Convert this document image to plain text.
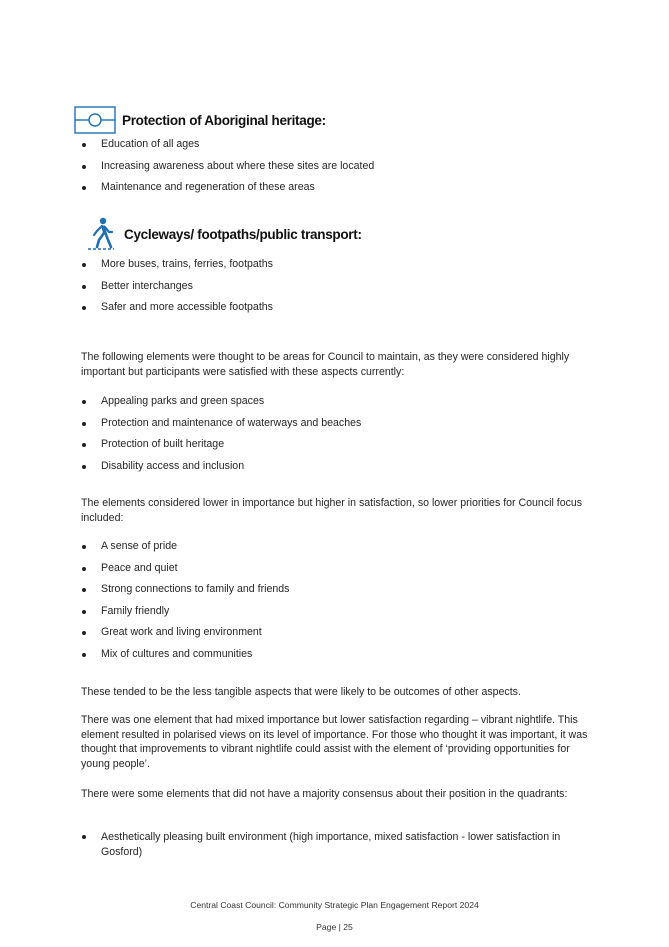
Protection of Aboriginal heritage:
Education of all ages
Increasing awareness about where these sites are located
Maintenance and regeneration of these areas
Cycleways/ footpaths/public transport:
More buses, trains, ferries, footpaths
Better interchanges
Safer and more accessible footpaths

The following elements were thought to be areas for Council to maintain, as they were considered highly important but participants were satisfied with these aspects currently:

Appealing parks and green spaces
Protection and maintenance of waterways and beaches
Protection of built heritage
Disability access and inclusion

The elements considered lower in importance but higher in satisfaction, so lower priorities for Council focus included:

A sense of pride
Peace and quiet
Strong connections to family and friends
Family friendly
Great work and living environment
Mix of cultures and communities

These tended to be the less tangible aspects that were likely to be outcomes of other aspects.

There was one element that had mixed importance but lower satisfaction regarding – vibrant nightlife. This element resulted in polarised views on its level of importance. For those who thought it was important, it was thought that improvements to vibrant nightlife could assist with the element of ‘providing opportunities for young people’.

There were some elements that did not have a majority consensus about their position in the quadrants:

Aesthetically pleasing built environment (high importance, mixed satisfaction - lower satisfaction in Gosford)

Central Coast Council: Community Strategic Plan Engagement Report 2024

Page | 25
